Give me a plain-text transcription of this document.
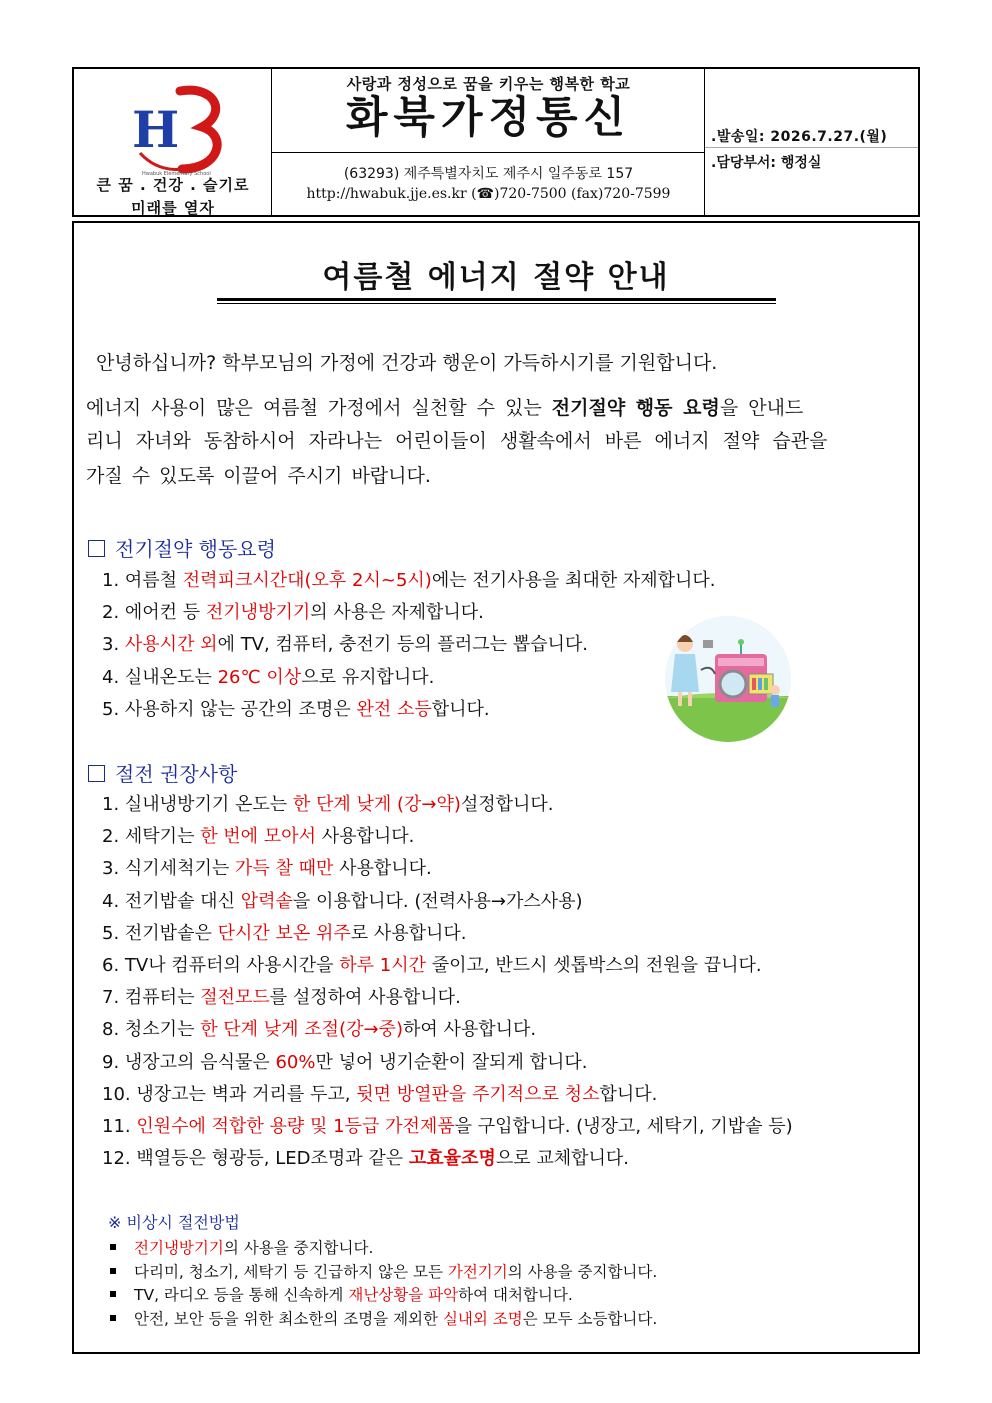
H
Hwabuk Elementary School
큰 꿈 . 건강 . 슬기로
미래를 열자
사랑과 정성으로 꿈을 키우는 행복한 학교
화북가정통신
(63293) 제주특별자치도 제주시 일주동로 157
http://hwabuk.jje.es.kr (☎)720-7500 (fax)720-7599
.발송일: 2026.7.27.(월)
.담당부서: 행정실
여름철 에너지 절약 안내
안녕하십니까? 학부모님의 가정에 건강과 행운이 가득하시기를 기원합니다.
에너지 사용이 많은 여름철 가정에서 실천할 수 있는 전기절약 행동 요령을 안내드
리니 자녀와 동참하시어 자라나는 어린이들이 생활속에서 바른 에너지 절약 습관을
가질 수 있도록 이끌어 주시기 바랍니다.
전기절약 행동요령
1. 여름철 전력피크시간대(오후 2시~5시)에는 전기사용을 최대한 자제합니다.
2. 에어컨 등 전기냉방기기의 사용은 자제합니다.
3. 사용시간 외에 TV, 컴퓨터, 충전기 등의 플러그는 뽑습니다.
4. 실내온도는 26℃ 이상으로 유지합니다.
5. 사용하지 않는 공간의 조명은 완전 소등합니다.
절전 권장사항
1. 실내냉방기기 온도는 한 단계 낮게 (강→약)설정합니다.
2. 세탁기는 한 번에 모아서 사용합니다.
3. 식기세척기는 가득 찰 때만 사용합니다.
4. 전기밥솥 대신 압력솥을 이용합니다. (전력사용→가스사용)
5. 전기밥솥은 단시간 보온 위주로 사용합니다.
6. TV나 컴퓨터의 사용시간을 하루 1시간 줄이고, 반드시 셋톱박스의 전원을 끕니다.
7. 컴퓨터는 절전모드를 설정하여 사용합니다.
8. 청소기는 한 단계 낮게 조절(강→중)하여 사용합니다.
9. 냉장고의 음식물은 60%만 넣어 냉기순환이 잘되게 합니다.
10. 냉장고는 벽과 거리를 두고, 뒷면 방열판을 주기적으로 청소합니다.
11. 인원수에 적합한 용량 및 1등급 가전제품을 구입합니다. (냉장고, 세탁기, 기밥솥 등)
12. 백열등은 형광등, LED조명과 같은 고효율조명으로 교체합니다.
※ 비상시 절전방법
전기냉방기기의 사용을 중지합니다.
다리미, 청소기, 세탁기 등 긴급하지 않은 모든 가전기기의 사용을 중지합니다.
TV, 라디오 등을 통해 신속하게 재난상황을 파악하여 대처합니다.
안전, 보안 등을 위한 최소한의 조명을 제외한 실내외 조명은 모두 소등합니다.
